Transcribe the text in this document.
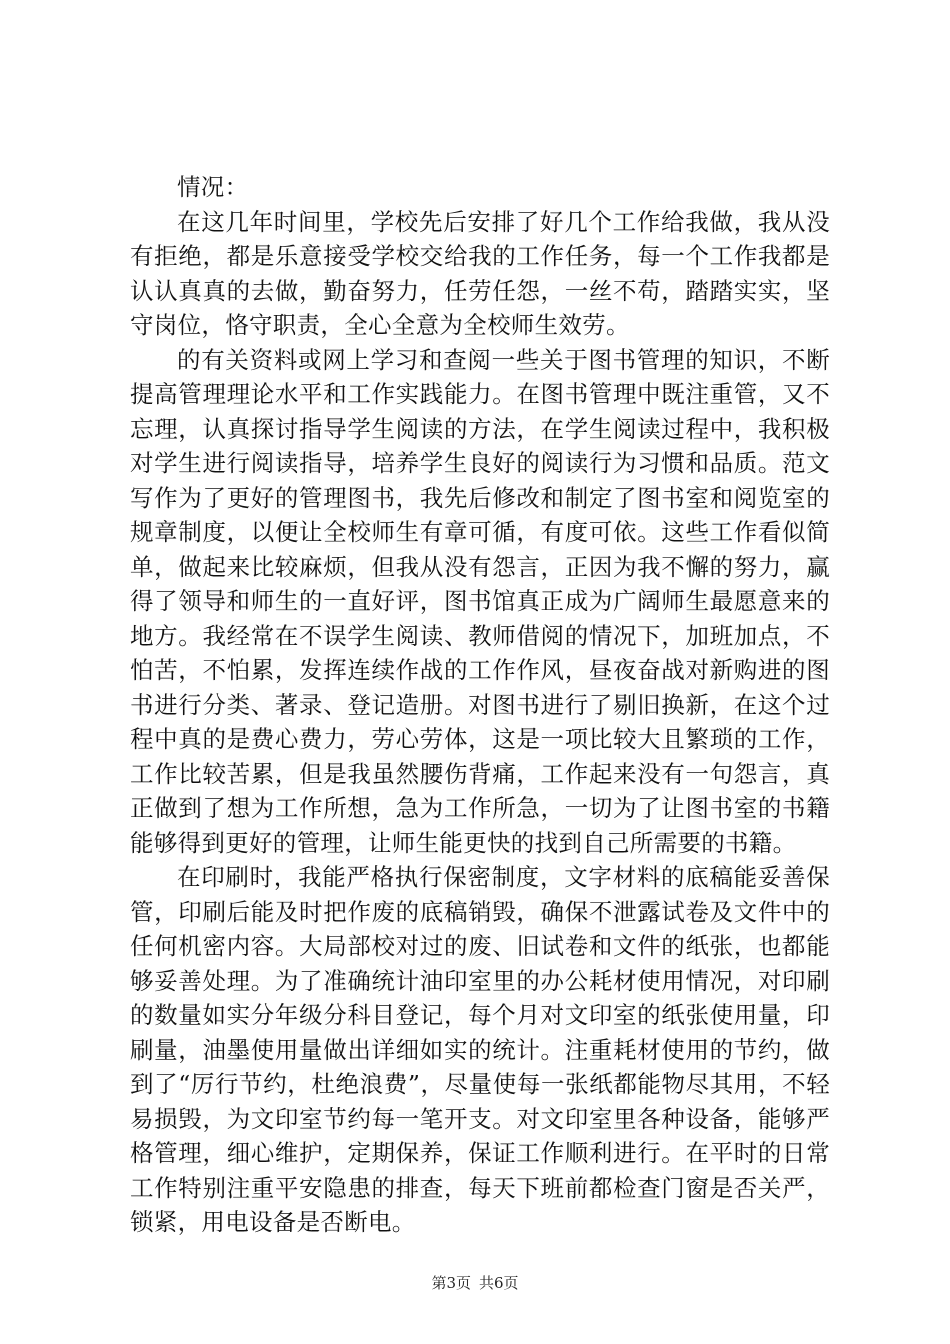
情况：

在这几年时间里，学校先后安排了好几个工作给我做，我从没有拒绝，都是乐意接受学校交给我的工作任务，每一个工作我都是认认真真的去做，勤奋努力，任劳任怨，一丝不苟，踏踏实实，坚守岗位，恪守职责，全心全意为全校师生效劳。

的有关资料或网上学习和查阅一些关于图书管理的知识，不断提高管理理论水平和工作实践能力。在图书管理中既注重管，又不忘理，认真探讨指导学生阅读的方法，在学生阅读过程中，我积极对学生进行阅读指导，培养学生良好的阅读行为习惯和品质。范文写作为了更好的管理图书，我先后修改和制定了图书室和阅览室的规章制度，以便让全校师生有章可循，有度可依。这些工作看似简单，做起来比较麻烦，但我从没有怨言，正因为我不懈的努力，赢得了领导和师生的一直好评，图书馆真正成为广阔师生最愿意来的地方。我经常在不误学生阅读、教师借阅的情况下，加班加点，不怕苦，不怕累，发挥连续作战的工作作风，昼夜奋战对新购进的图书进行分类、著录、登记造册。对图书进行了剔旧换新，在这个过程中真的是费心费力，劳心劳体，这是一项比较大且繁琐的工作，工作比较苦累，但是我虽然腰伤背痛，工作起来没有一句怨言，真正做到了想为工作所想，急为工作所急，一切为了让图书室的书籍能够得到更好的管理，让师生能更快的找到自己所需要的书籍。

在印刷时，我能严格执行保密制度，文字材料的底稿能妥善保管，印刷后能及时把作废的底稿销毁，确保不泄露试卷及文件中的任何机密内容。大局部校对过的废、旧试卷和文件的纸张，也都能够妥善处理。为了准确统计油印室里的办公耗材使用情况，对印刷的数量如实分年级分科目登记，每个月对文印室的纸张使用量，印刷量，油墨使用量做出详细如实的统计。注重耗材使用的节约，做到了“厉行节约，杜绝浪费”，尽量使每一张纸都能物尽其用，不轻易损毁，为文印室节约每一笔开支。对文印室里各种设备，能够严格管理，细心维护，定期保养，保证工作顺利进行。在平时的日常工作特别注重平安隐患的排查，每天下班前都检查门窗是否关严，锁紧，用电设备是否断电。

第3页 共6页
